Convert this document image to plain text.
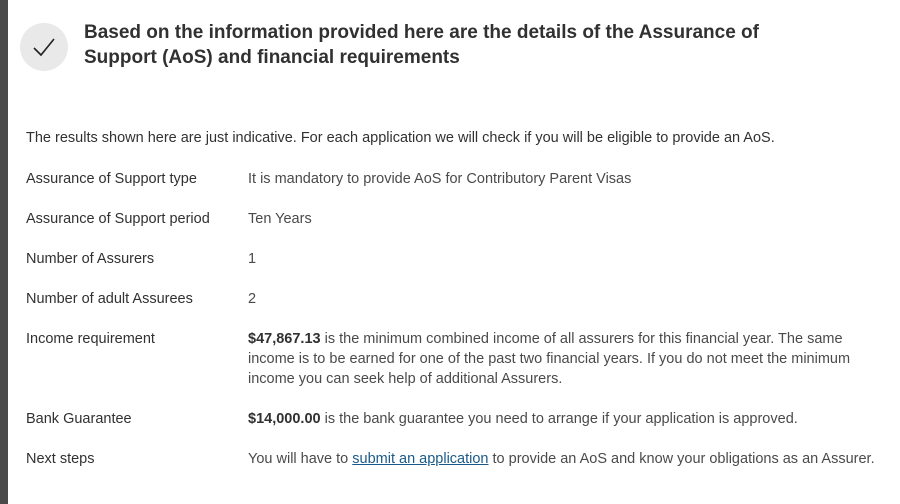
Based on the information provided here are the details of the Assurance of Support (AoS) and financial requirements
The results shown here are just indicative. For each application we will check if you will be eligible to provide an AoS.
Assurance of Support type	It is mandatory to provide AoS for Contributory Parent Visas
Assurance of Support period	Ten Years
Number of Assurers	1
Number of adult Assurees	2
Income requirement	$47,867.13 is the minimum combined income of all assurers for this financial year. The same income is to be earned for one of the past two financial years. If you do not meet the minimum income you can seek help of additional Assurers.
Bank Guarantee	$14,000.00 is the bank guarantee you need to arrange if your application is approved.
Next steps	You will have to submit an application to provide an AoS and know your obligations as an Assurer.
